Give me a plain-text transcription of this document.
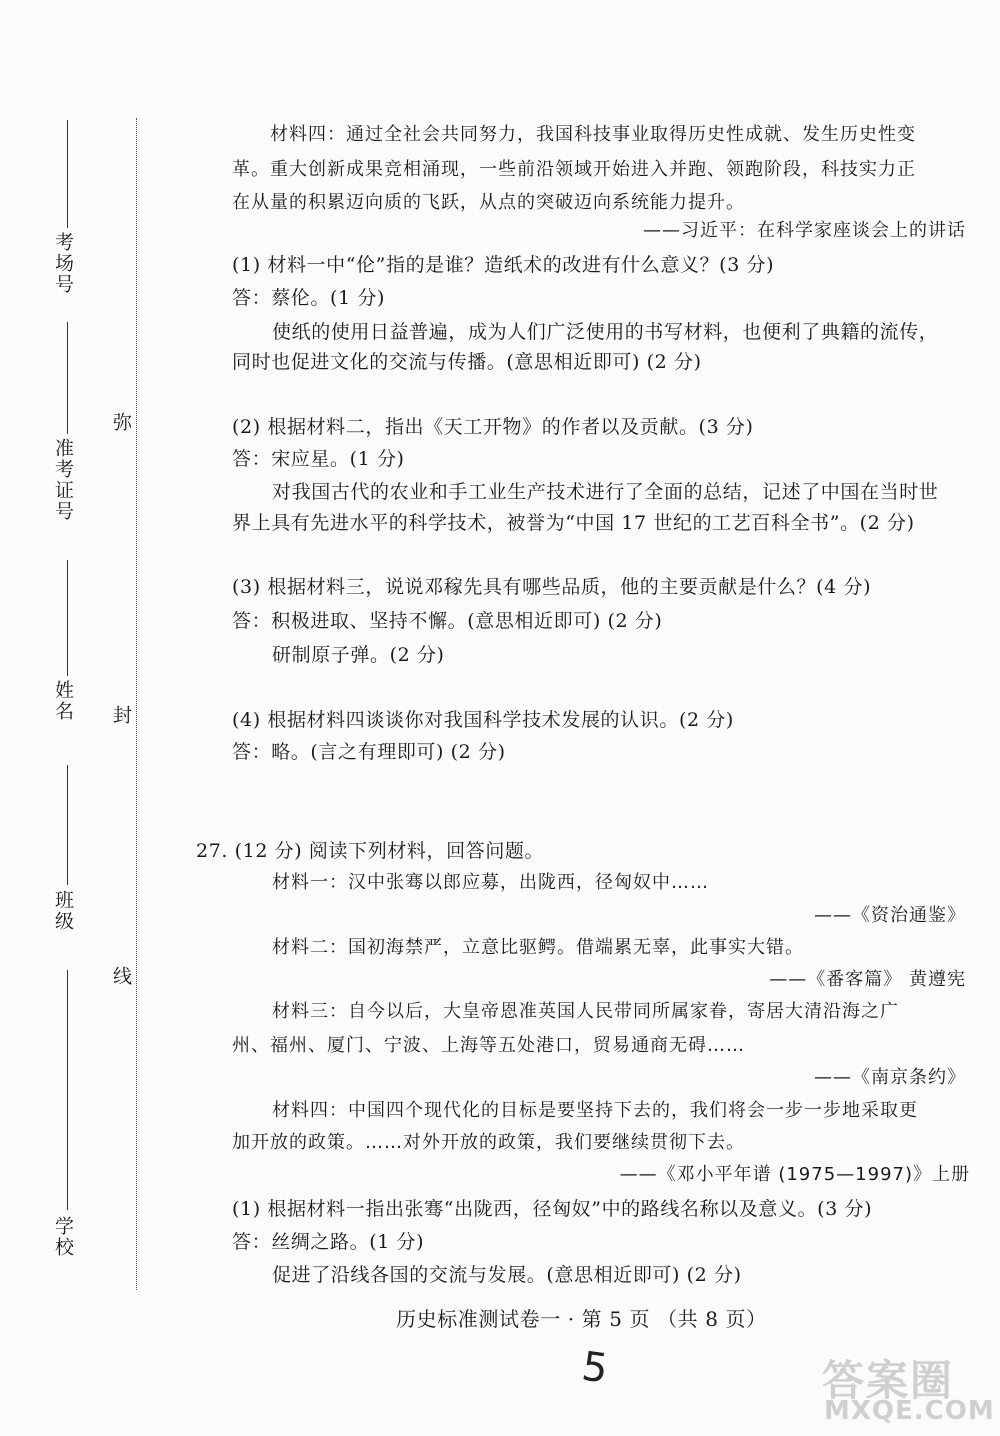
考场号
准考证号
姓名
班级
学校
弥
封
线
材料四：通过全社会共同努力，我国科技事业取得历史性成就、发生历史性变
革。重大创新成果竞相涌现，一些前沿领域开始进入并跑、领跑阶段，科技实力正
在从量的积累迈向质的飞跃，从点的突破迈向系统能力提升。
——习近平：在科学家座谈会上的讲话
(1) 材料一中“伦”指的是谁？造纸术的改进有什么意义？(3 分)
答：蔡伦。(1 分)
使纸的使用日益普遍，成为人们广泛使用的书写材料，也便利了典籍的流传，
同时也促进文化的交流与传播。(意思相近即可) (2 分)
(2) 根据材料二，指出《天工开物》的作者以及贡献。(3 分)
答：宋应星。(1 分)
对我国古代的农业和手工业生产技术进行了全面的总结，记述了中国在当时世
界上具有先进水平的科学技术，被誉为“中国 17 世纪的工艺百科全书”。(2 分)
(3) 根据材料三，说说邓稼先具有哪些品质，他的主要贡献是什么？(4 分)
答：积极进取、坚持不懈。(意思相近即可) (2 分)
研制原子弹。(2 分)
(4) 根据材料四谈谈你对我国科学技术发展的认识。(2 分)
答：略。(言之有理即可) (2 分)
27. (12 分) 阅读下列材料，回答问题。
材料一：汉中张骞以郎应募，出陇西，径匈奴中……
——《资治通鉴》
材料二：国初海禁严，立意比驱鳄。借端累无辜，此事实大错。
——《番客篇》 黄遵宪
材料三：自今以后，大皇帝恩准英国人民带同所属家眷，寄居大清沿海之广
州、福州、厦门、宁波、上海等五处港口，贸易通商无碍……
——《南京条约》
材料四：中国四个现代化的目标是要坚持下去的，我们将会一步一步地采取更
加开放的政策。……对外开放的政策，我们要继续贯彻下去。
——《邓小平年谱 (1975—1997)》上册
(1) 根据材料一指出张骞“出陇西，径匈奴”中的路线名称以及意义。(3 分)
答：丝绸之路。(1 分)
促进了沿线各国的交流与发展。(意思相近即可) (2 分)
历史标准测试卷一 · 第 5 页 （共 8 页）
5	答案圈
MXQE.COM
